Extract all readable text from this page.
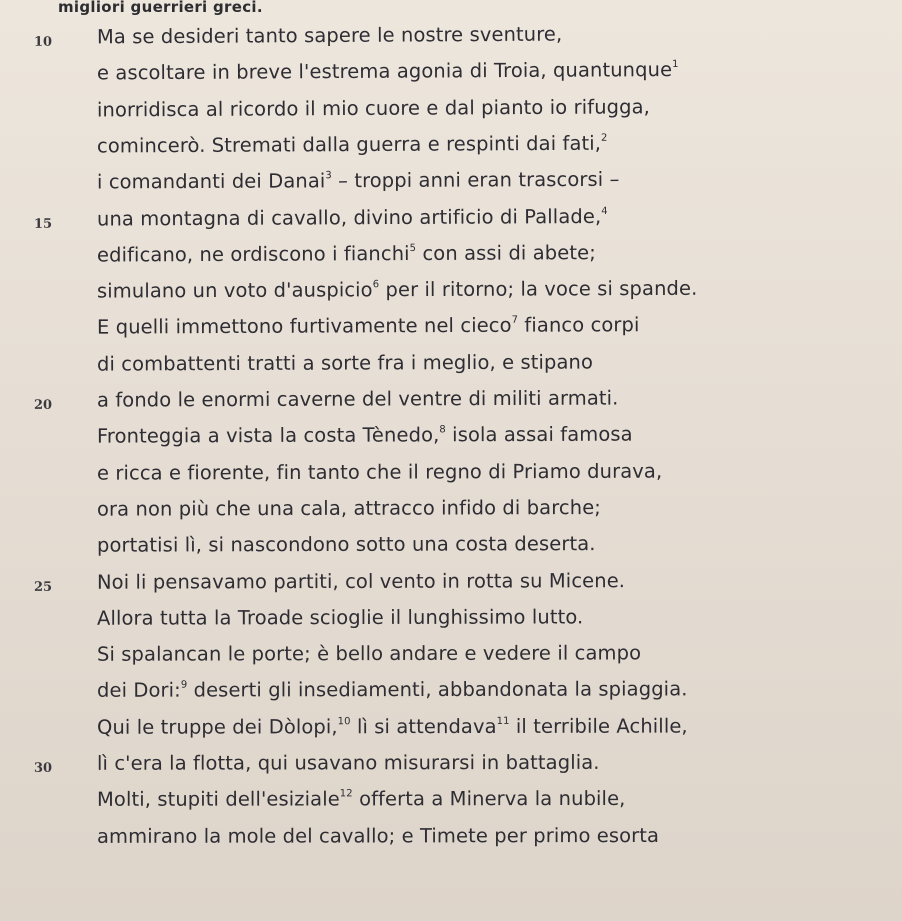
migliori guerrieri greci.
10 Ma se desideri tanto sapere le nostre sventure,
e ascoltare in breve l'estrema agonia di Troia, quantunque$^1$
inorridisca al ricordo il mio cuore e dal pianto io rifugga,
comincerò. Stremati dalla guerra e respinti dai fati,$^2$
i comandanti dei Danai$^3$ – troppi anni eran trascorsi –
15 una montagna di cavallo, divino artificio di Pallade,$^4$
edificano, ne ordiscono i fianchi$^5$ con assi di abete;
simulano un voto d'auspicio$^6$ per il ritorno; la voce si spande.
E quelli immettono furtivamente nel cieco$^7$ fianco corpi
di combattenti tratti a sorte fra i meglio, e stipano
20 a fondo le enormi caverne del ventre di militi armati.
Fronteggia a vista la costa Tènedo,$^8$ isola assai famosa
e ricca e fiorente, fin tanto che il regno di Priamo durava,
ora non più che una cala, attracco infido di barche;
portatisi lì, si nascondono sotto una costa deserta.
25 Noi li pensavamo partiti, col vento in rotta su Micene.
Allora tutta la Troade scioglie il lunghissimo lutto.
Si spalancan le porte; è bello andare e vedere il campo
dei Dori:$^9$ deserti gli insediamenti, abbandonata la spiaggia.
Qui le truppe dei Dòlopi,$^{10}$ lì si attendava$^{11}$ il terribile Achille,
30 lì c'era la flotta, qui usavano misurarsi in battaglia.
Molti, stupiti dell'esiziale$^{12}$ offerta a Minerva la nubile,
ammirano la mole del cavallo; e Timete per primo esorta
